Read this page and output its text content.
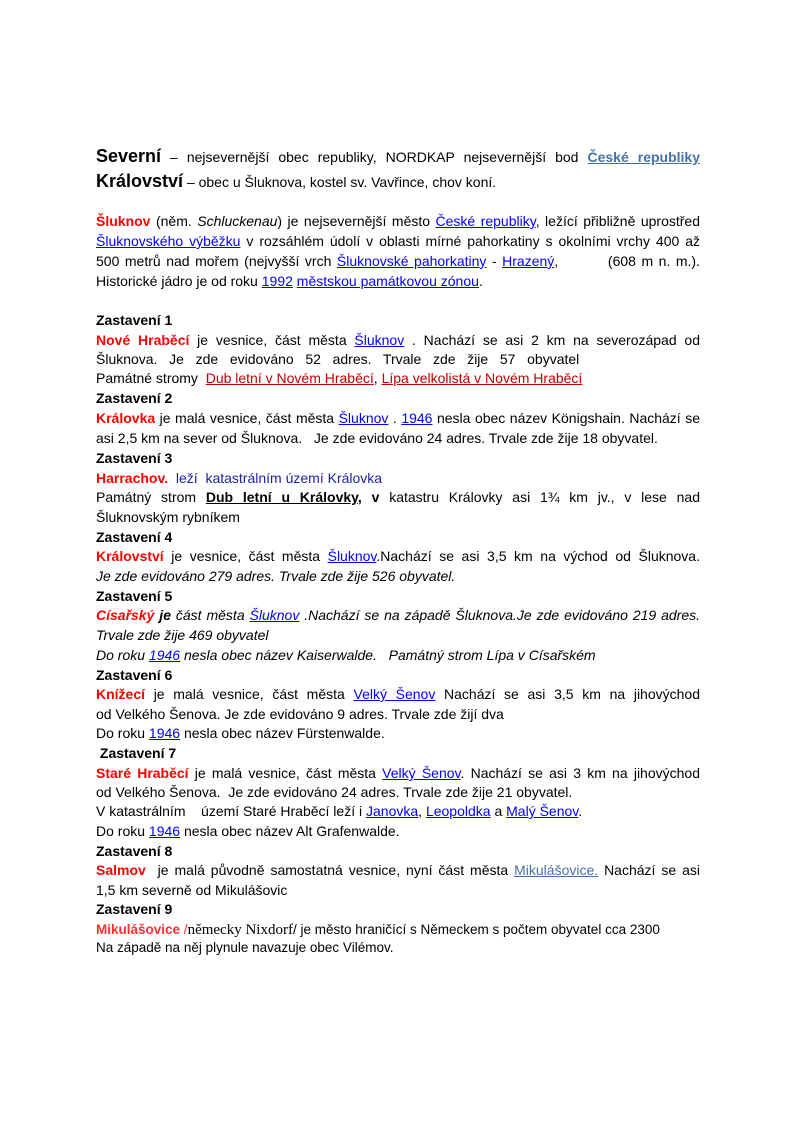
Severní – nejsevernější obec republiky, NORDKAP nejsevernější bod České republiky
Království – obec u Šluknova, kostel sv. Vavřince, chov koní.
Šluknov (něm. Schluckenau) je nejsevernější město České republiky, ležící přibližně uprostřed
Šluknovského výběžku v rozsáhlém údolí v oblasti mírné pahorkatiny s okolními vrchy 400 až
500 metrů nad mořem (nejvyšší vrch Šluknovské pahorkatiny - Hrazený,         (608 m n. m.).
Historické jádro je od roku 1992 městskou památkovou zónou.
Zastavení 1
Nové Hraběcí je vesnice, část města Šluknov . Nachází se asi 2 km na severozápad od
Šluknova.   Je   zde   evidováno   52   adres.   Trvale   zde   žije   57   obyvatel
Památné stromy  Dub letní v Novém Hraběcí, Lípa velkolistá v Novém Hraběcí
Zastavení 2
Královka je malá vesnice, část města Šluknov . 1946 nesla obec název Königshain. Nachází se
asi 2,5 km na sever od Šluknova.   Je zde evidováno 24 adres. Trvale zde žije 18 obyvatel.
Zastavení 3
Harrachov.  leží  katastrálním území Královka
Památný strom Dub letní u Královky, v katastru Královky asi 1¾ km jv., v lese nad
Šluknovským rybníkem
Zastavení 4
Království je vesnice, část města Šluknov.Nachází se asi 3,5 km na východ od Šluknova.
Je zde evidováno 279 adres. Trvale zde žije 526 obyvatel.
Zastavení 5
Císařský je část města Šluknov .Nachází se na západě Šluknova.Je zde evidováno 219 adres.
Trvale zde žije 469 obyvatel
Do roku 1946 nesla obec název Kaiserwalde.   Památný strom Lípa v Císařském
Zastavení 6
Knížecí je malá vesnice, část města Velký Šenov Nachází se asi 3,5 km na jihovýchod
od Velkého Šenova. Je zde evidováno 9 adres. Trvale zde žijí dva
Do roku 1946 nesla obec název Fürstenwalde.
Zastavení 7
Staré Hraběcí je malá vesnice, část města Velký Šenov. Nachází se asi 3 km na jihovýchod
od Velkého Šenova.  Je zde evidováno 24 adres. Trvale zde žije 21 obyvatel.
V katastrálním    území Staré Hraběcí leží i Janovka, Leopoldka a Malý Šenov.
Do roku 1946 nesla obec název Alt Grafenwalde.
Zastavení 8
Salmov  je malá původně samostatná vesnice, nyní část města Mikulášovice. Nachází se asi
1,5 km severně od Mikulášovic
Zastavení 9
Mikulášovice /německy Nixdorf/ je město hraničící s Německem s počtem obyvatel cca 2300
Na západě na něj plynule navazuje obec Vilémov.
